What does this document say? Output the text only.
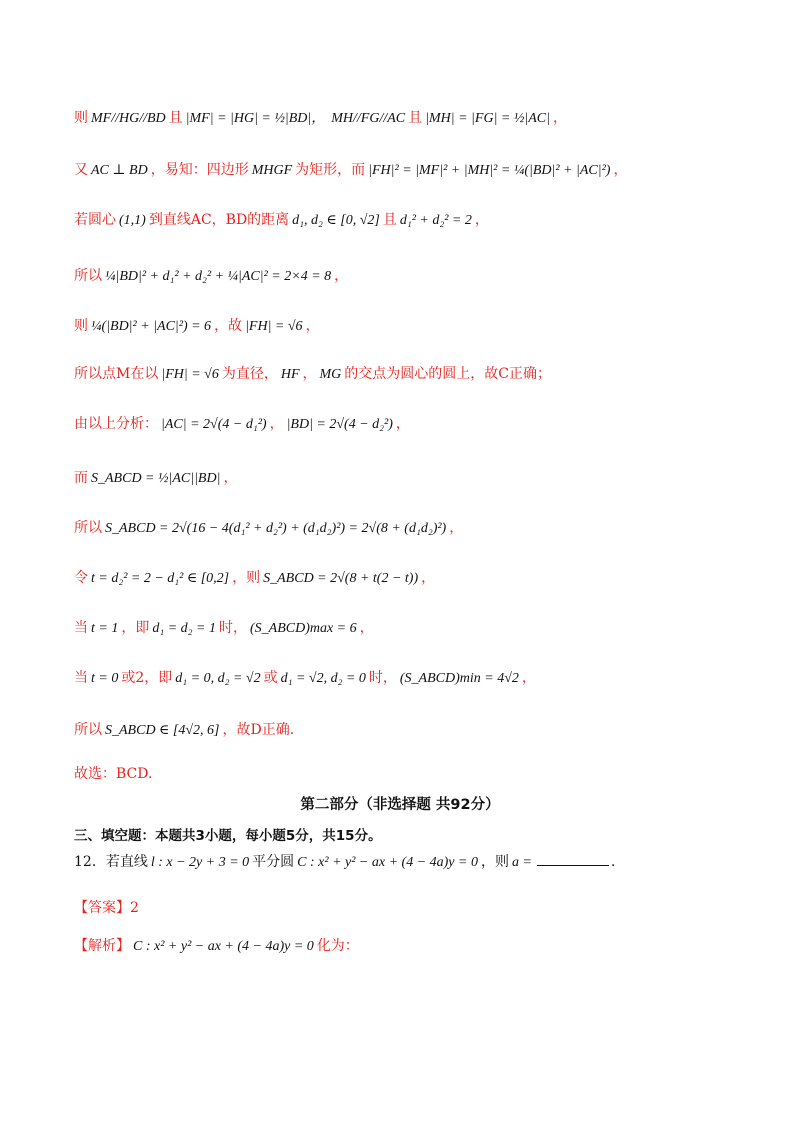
则 MF//HG//BD 且 |MF| = |HG| = ½|BD|， MH//FG//AC 且 |MH| = |FG| = ½|AC| ，
又 AC ⊥ BD ，易知：四边形 MHGF 为矩形，而 |FH|² = |MF|² + |MH|² = ¼(|BD|² + |AC|²) ，
若圆心 (1,1) 到直线AC，BD的距离 d₁, d₂ ∈ [0, √2] 且 d₁² + d₂² = 2 ，
所以 ¼|BD|² + d₁² + d₂² + ¼|AC|² = 2×4 = 8 ，
则 ¼(|BD|² + |AC|²) = 6 ，故 |FH| = √6 ，
所以点M在以 |FH| = √6 为直径， HF ， MG 的交点为圆心的圆上，故C正确；
由以上分析： |AC| = 2√(4 − d₁²) ， |BD| = 2√(4 − d₂²) ，
而 S_ABCD = ½|AC||BD| ，
所以 S_ABCD = 2√(16 − 4(d₁² + d₂²) + (d₁d₂)²) = 2√(8 + (d₁d₂)²) ，
令 t = d₂² = 2 − d₁² ∈ [0,2] ，则 S_ABCD = 2√(8 + t(2 − t)) ，
当 t = 1 ，即 d₁ = d₂ = 1 时， (S_ABCD)max = 6 ，
当 t = 0 或2，即 d₁ = 0, d₂ = √2 或 d₁ = √2, d₂ = 0 时， (S_ABCD)min = 4√2 ，
所以 S_ABCD ∈ [4√2, 6] ，故D正确.
故选：BCD.
第二部分（非选择题 共92分）
三、填空题：本题共3小题，每小题5分，共15分。
12．若直线 l : x − 2y + 3 = 0 平分圆 C : x² + y² − ax + (4 − 4a)y = 0 ，则 a =	.
【答案】2
【解析】 C : x² + y² − ax + (4 − 4a)y = 0 化为：
